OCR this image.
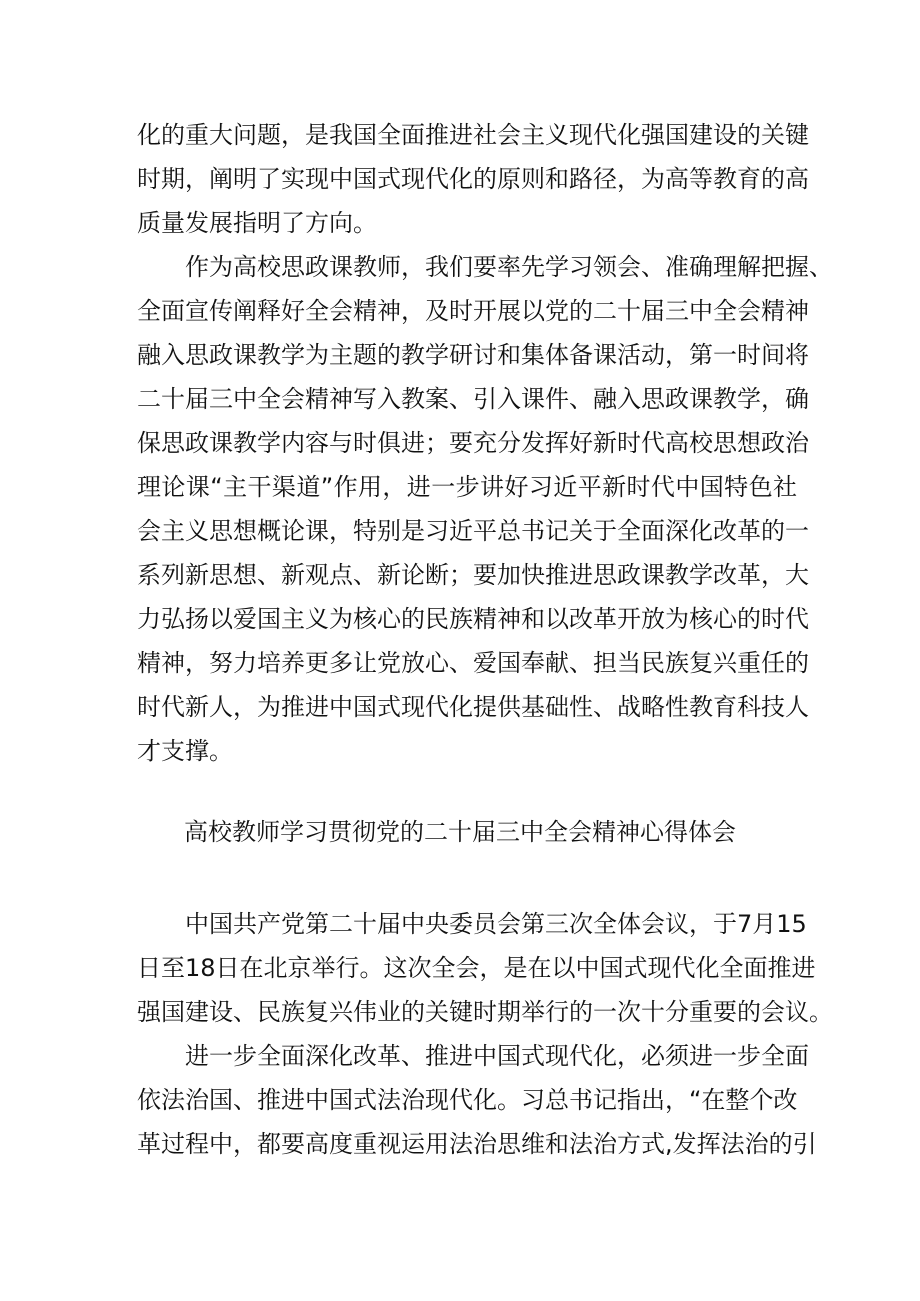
化的重大问题，是我国全面推进社会主义现代化强国建设的关键
时期，阐明了实现中国式现代化的原则和路径，为高等教育的高
质量发展指明了方向。
作为高校思政课教师，我们要率先学习领会、准确理解把握、
全面宣传阐释好全会精神，及时开展以党的二十届三中全会精神
融入思政课教学为主题的教学研讨和集体备课活动，第一时间将
二十届三中全会精神写入教案、引入课件、融入思政课教学，确
保思政课教学内容与时俱进；要充分发挥好新时代高校思想政治
理论课“主干渠道”作用，进一步讲好习近平新时代中国特色社
会主义思想概论课，特别是习近平总书记关于全面深化改革的一
系列新思想、新观点、新论断；要加快推进思政课教学改革，大
力弘扬以爱国主义为核心的民族精神和以改革开放为核心的时代
精神，努力培养更多让党放心、爱国奉献、担当民族复兴重任的
时代新人，为推进中国式现代化提供基础性、战略性教育科技人
才支撑。
高校教师学习贯彻党的二十届三中全会精神心得体会
中国共产党第二十届中央委员会第三次全体会议，于7月15
日至18日在北京举行。这次全会，是在以中国式现代化全面推进
强国建设、民族复兴伟业的关键时期举行的一次十分重要的会议。
进一步全面深化改革、推进中国式现代化，必须进一步全面
依法治国、推进中国式法治现代化。习总书记指出，“在整个改
革过程中，都要高度重视运用法治思维和法治方式,发挥法治的引
